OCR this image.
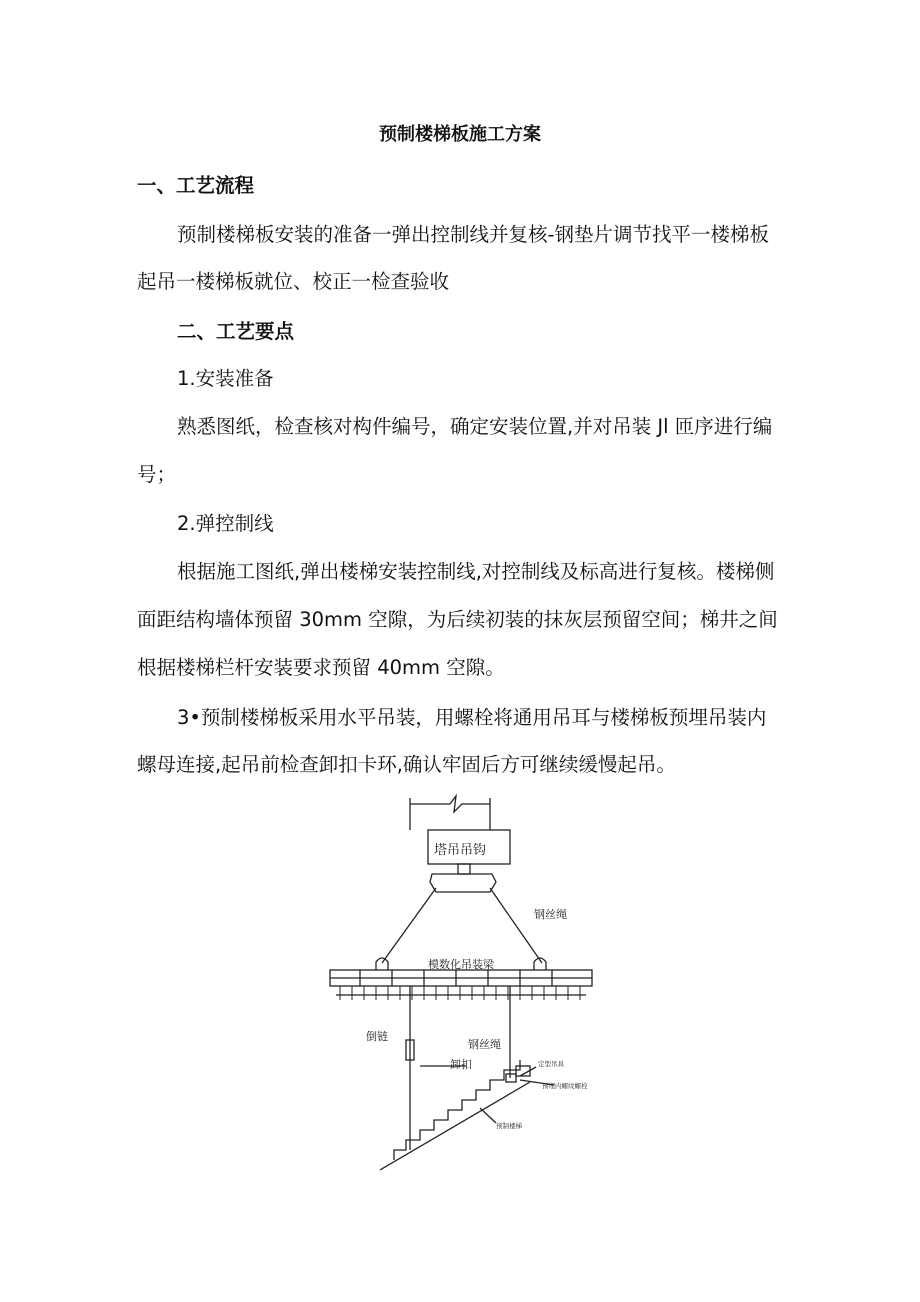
预制楼梯板施工方案
一、工艺流程
预制楼梯板安装的准备一弹出控制线并复核-钢垫片调节找平一楼梯板
起吊一楼梯板就位、校正一检查验收
二、工艺要点
1.安装准备
熟悉图纸，检查核对构件编号，确定安装位置,并对吊装 Jl 匝序进行编
号；
2.弹控制线
根据施工图纸,弹出楼梯安装控制线,对控制线及标高进行复核。楼梯侧
面距结构墙体预留 30mm 空隙，为后续初装的抹灰层预留空间；梯井之间
根据楼梯栏杆安装要求预留 40mm 空隙。
3•预制楼梯板采用水平吊装，用螺栓将通用吊耳与楼梯板预埋吊装内
螺母连接,起吊前检查卸扣卡环,确认牢固后方可继续缓慢起吊。
塔吊吊钩
钢丝绳
模数化吊装梁
倒链
钢丝绳
卸扣	定型吊具
预埋内螺纹螺栓
预制楼梯
